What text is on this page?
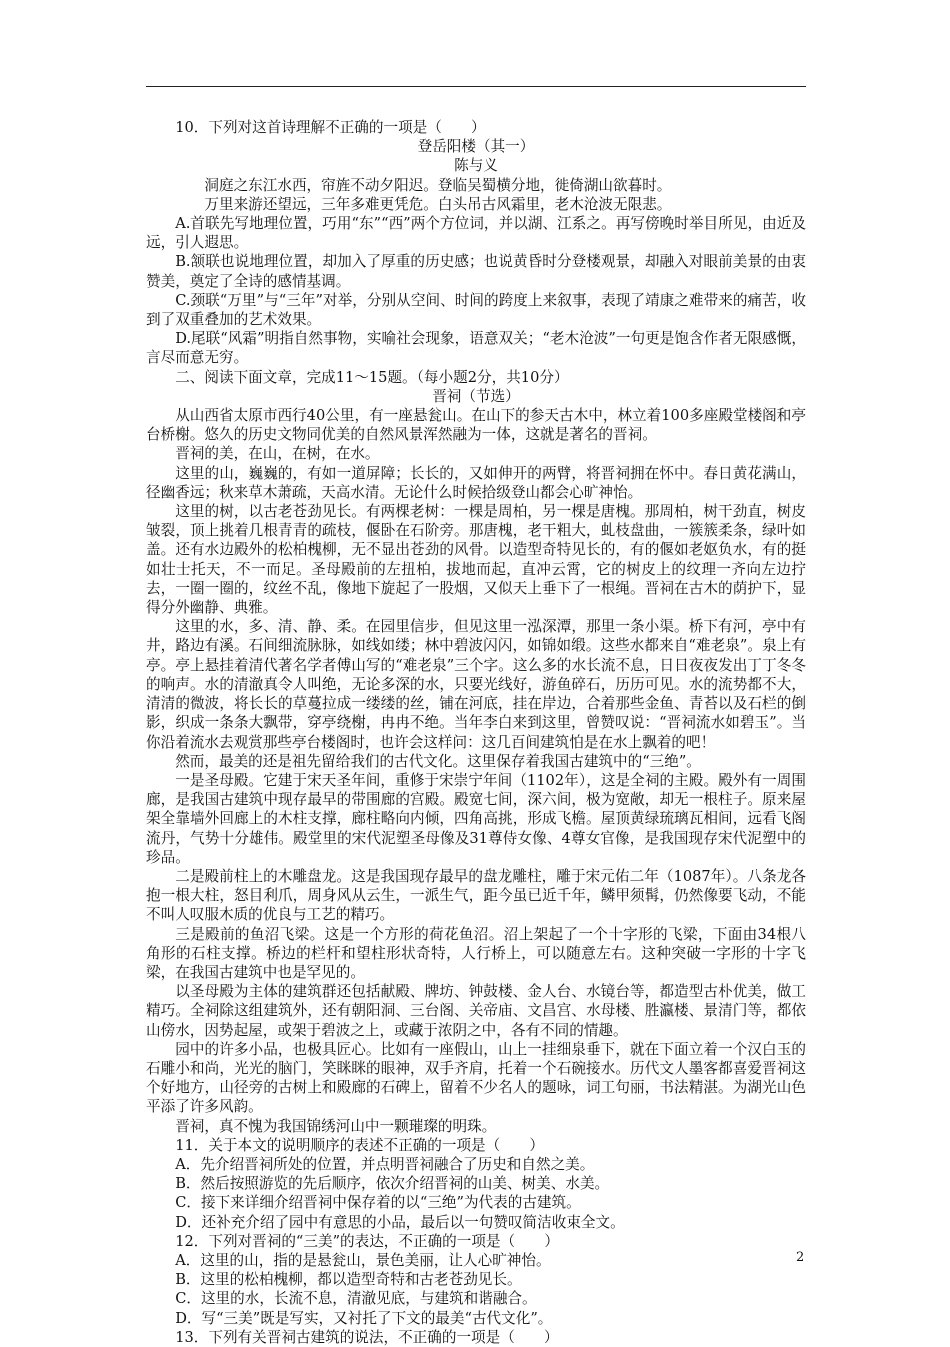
10．下列对这首诗理解不正确的一项是（　　）

登岳阳楼（其一）

陈与义

洞庭之东江水西，帘旌不动夕阳迟。登临吴蜀横分地，徙倚湖山欲暮时。

万里来游还望远，三年多难更凭危。白头吊古风霜里，老木沧波无限悲。

A.首联先写地理位置，巧用“东”“西”两个方位词，并以湖、江系之。再写傍晚时举目所见，由近及远，引人遐思。

B.颔联也说地理位置，却加入了厚重的历史感；也说黄昏时分登楼观景，却融入对眼前美景的由衷赞美，奠定了全诗的感情基调。

C.颈联“万里”与“三年”对举，分别从空间、时间的跨度上来叙事，表现了靖康之难带来的痛苦，收到了双重叠加的艺术效果。

D.尾联“风霜”明指自然事物，实喻社会现象，语意双关；“老木沧波”一句更是饱含作者无限感慨，言尽而意无穷。

二、阅读下面文章，完成11～15题。（每小题2分，共10分）

晋祠（节选）

从山西省太原市西行40公里，有一座悬瓮山。在山下的参天古木中，林立着100多座殿堂楼阁和亭台桥榭。悠久的历史文物同优美的自然风景浑然融为一体，这就是著名的晋祠。

晋祠的美，在山，在树，在水。

这里的山，巍巍的，有如一道屏障；长长的，又如伸开的两臂，将晋祠拥在怀中。春日黄花满山，径幽香远；秋来草木萧疏，天高水清。无论什么时候拾级登山都会心旷神怡。

这里的树，以古老苍劲见长。有两棵老树：一棵是周柏，另一棵是唐槐。那周柏，树干劲直，树皮皱裂，顶上挑着几根青青的疏枝，偃卧在石阶旁。那唐槐，老干粗大，虬枝盘曲，一簇簇柔条，绿叶如盖。还有水边殿外的松柏槐柳，无不显出苍劲的风骨。以造型奇特见长的，有的偃如老妪负水，有的挺如壮士托天，不一而足。圣母殿前的左扭柏，拔地而起，直冲云霄，它的树皮上的纹理一齐向左边拧去，一圈一圈的，纹丝不乱，像地下旋起了一股烟，又似天上垂下了一根绳。晋祠在古木的荫护下，显得分外幽静、典雅。

这里的水，多、清、静、柔。在园里信步，但见这里一泓深潭，那里一条小渠。桥下有河，亭中有井，路边有溪。石间细流脉脉，如线如缕；林中碧波闪闪，如锦如缎。这些水都来自“难老泉”。泉上有亭。亭上悬挂着清代著名学者傅山写的“难老泉”三个字。这么多的水长流不息，日日夜夜发出丁丁冬冬的响声。水的清澈真令人叫绝，无论多深的水，只要光线好，游鱼碎石，历历可见。水的流势都不大，清清的微波，将长长的草蔓拉成一缕缕的丝，铺在河底，挂在岸边，合着那些金鱼、青苔以及石栏的倒影，织成一条条大飘带，穿亭绕榭，冉冉不绝。当年李白来到这里，曾赞叹说：“晋祠流水如碧玉”。当你沿着流水去观赏那些亭台楼阁时，也许会这样问：这几百间建筑怕是在水上飘着的吧！

然而，最美的还是祖先留给我们的古代文化。这里保存着我国古建筑中的“三绝”。

一是圣母殿。它建于宋天圣年间，重修于宋崇宁年间（1102年），这是全祠的主殿。殿外有一周围廊，是我国古建筑中现存最早的带围廊的宫殿。殿宽七间，深六间，极为宽敞，却无一根柱子。原来屋架全靠墙外回廊上的木柱支撑，廊柱略向内倾，四角高挑，形成飞檐。屋顶黄绿琉璃瓦相间，远看飞阁流丹，气势十分雄伟。殿堂里的宋代泥塑圣母像及31尊侍女像、4尊女官像，是我国现存宋代泥塑中的珍品。

二是殿前柱上的木雕盘龙。这是我国现存最早的盘龙雕柱，雕于宋元佑二年（1087年）。八条龙各抱一根大柱，怒目利爪，周身风从云生，一派生气，距今虽已近千年，鳞甲须髯，仍然像要飞动，不能不叫人叹服木质的优良与工艺的精巧。

三是殿前的鱼沼飞梁。这是一个方形的荷花鱼沼。沼上架起了一个十字形的飞梁，下面由34根八角形的石柱支撑。桥边的栏杆和望柱形状奇特，人行桥上，可以随意左右。这种突破一字形的十字飞梁，在我国古建筑中也是罕见的。

以圣母殿为主体的建筑群还包括献殿、牌坊、钟鼓楼、金人台、水镜台等，都造型古朴优美，做工精巧。全祠除这组建筑外，还有朝阳洞、三台阁、关帝庙、文昌宫、水母楼、胜瀛楼、景清门等，都依山傍水，因势起屋，或架于碧波之上，或藏于浓阴之中，各有不同的情趣。

园中的许多小品，也极具匠心。比如有一座假山，山上一挂细泉垂下，就在下面立着一个汉白玉的石雕小和尚，光光的脑门，笑眯眯的眼神，双手齐肩，托着一个石碗接水。历代文人墨客都喜爱晋祠这个好地方，山径旁的古树上和殿廊的石碑上，留着不少名人的题咏，词工句丽，书法精湛。为湖光山色平添了许多风韵。

晋祠，真不愧为我国锦绣河山中一颗璀璨的明珠。

11．关于本文的说明顺序的表述不正确的一项是（　　）

A．先介绍晋祠所处的位置，并点明晋祠融合了历史和自然之美。

B．然后按照游览的先后顺序，依次介绍晋祠的山美、树美、水美。

C．接下来详细介绍晋祠中保存着的以“三绝”为代表的古建筑。

D．还补充介绍了园中有意思的小品，最后以一句赞叹简洁收束全文。

12．下列对晋祠的“三美”的表达，不正确的一项是（　　）

A．这里的山，指的是悬瓮山，景色美丽，让人心旷神怡。

B．这里的松柏槐柳，都以造型奇特和古老苍劲见长。

C．这里的水，长流不息，清澈见底，与建筑和谐融合。

D．写“三美”既是写实，又衬托了下文的最美“古代文化”。

13．下列有关晋祠古建筑的说法，不正确的一项是（　　）

2
